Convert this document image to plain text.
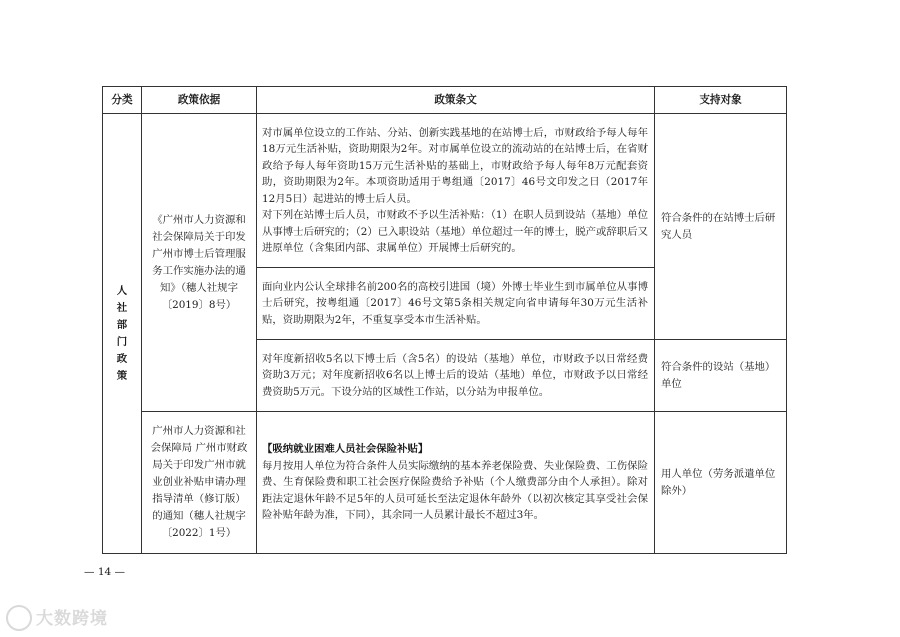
分类	政策依据	政策条文	支持对象

人社部门政策	《广州市人力资源和社会保障局关于印发广州市博士后管理服务工作实施办法的通知》（穗人社规字〔2019〕8号）	对市属单位设立的工作站、分站、创新实践基地的在站博士后，市财政给予每人每年18万元生活补贴，资助期限为2年。对市属单位设立的流动站的在站博士后，在省财政给予每人每年资助15万元生活补贴的基础上，市财政给予每人每年8万元配套资助，资助期限为2年。本项资助适用于粤组通〔2017〕46号文印发之日（2017年12月5日）起进站的博士后人员。
对下列在站博士后人员，市财政不予以生活补贴：（1）在职人员到设站（基地）单位从事博士后研究的；（2）已入职设站（基地）单位超过一年的博士，脱产或辞职后又进原单位（含集团内部、隶属单位）开展博士后研究的。	符合条件的在站博士后研究人员
		面向业内公认全球排名前200名的高校引进国（境）外博士毕业生到市属单位从事博士后研究，按粤组通〔2017〕46号文第5条相关规定向省申请每年30万元生活补贴，资助期限为2年，不重复享受本市生活补贴。	
		对年度新招收5名以下博士后（含5名）的设站（基地）单位，市财政予以日常经费资助3万元；对年度新招收6名以上博士后的设站（基地）单位，市财政予以日常经费资助5万元。下设分站的区域性工作站，以分站为申报单位。	符合条件的设站（基地）单位
	广州市人力资源和社会保障局 广州市财政局关于印发广州市就业创业补贴申请办理指导清单（修订版）的通知（穗人社规字〔2022〕1号）	【吸纳就业困难人员社会保险补贴】
每月按用人单位为符合条件人员实际缴纳的基本养老保险费、失业保险费、工伤保险费、生育保险费和职工社会医疗保险费给予补贴（个人缴费部分由个人承担）。除对距法定退休年龄不足5年的人员可延长至法定退休年龄外（以初次核定其享受社会保险补贴年龄为准，下同），其余同一人员累计最长不超过3年。	用人单位（劳务派遣单位除外）
— 14 —
大数跨境
